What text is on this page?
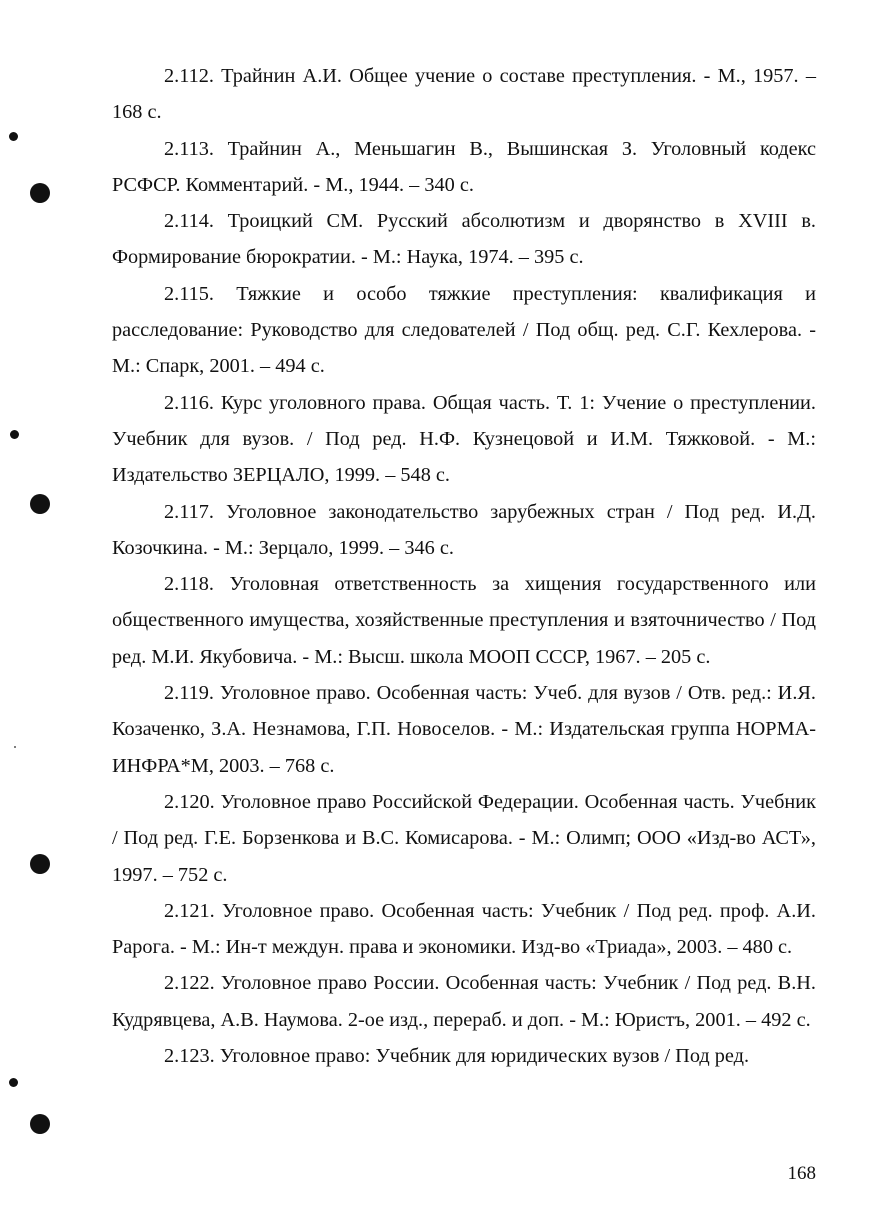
2.112. Трайнин А.И. Общее учение о составе преступления. - М., 1957. – 168 с.

2.113. Трайнин А., Меньшагин В., Вышинская З. Уголовный кодекс РСФСР. Комментарий. - М., 1944. – 340 с.

2.114. Троицкий СМ. Русский абсолютизм и дворянство в XVIII в. Формирование бюрократии. - М.: Наука, 1974. – 395 с.

2.115. Тяжкие и особо тяжкие преступления: квалификация и расследование: Руководство для следователей / Под общ. ред. С.Г. Кехлерова. - М.: Спарк, 2001. – 494 с.

2.116. Курс уголовного права. Общая часть. Т. 1: Учение о преступлении. Учебник для вузов. / Под ред. Н.Ф. Кузнецовой и И.М. Тяжковой. - М.: Издательство ЗЕРЦАЛО, 1999. – 548 с.

2.117. Уголовное законодательство зарубежных стран / Под ред. И.Д. Козочкина. - М.: Зерцало, 1999. – 346 с.

2.118. Уголовная ответственность за хищения государственного или общественного имущества, хозяйственные преступления и взяточничество / Под ред. М.И. Якубовича. - М.: Высш. школа МООП СССР, 1967. – 205 с.

2.119. Уголовное право. Особенная часть: Учеб. для вузов / Отв. ред.: И.Я. Козаченко, З.А. Незнамова, Г.П. Новоселов. - М.: Издательская группа НОРМА- ИНФРА*М, 2003. – 768 с.

2.120. Уголовное право Российской Федерации. Особенная часть. Учебник / Под ред. Г.Е. Борзенкова и В.С. Комисарова. - М.: Олимп; ООО «Изд-во АСТ», 1997. – 752 с.

2.121. Уголовное право. Особенная часть: Учебник / Под ред. проф. А.И. Рарога. - М.: Ин-т междун. права и экономики. Изд-во «Триада», 2003. – 480 с.

2.122. Уголовное право России. Особенная часть: Учебник / Под ред. В.Н. Кудрявцева, А.В. Наумова. 2-ое изд., перераб. и доп. - М.: Юристъ, 2001. – 492 с.

2.123. Уголовное право: Учебник для юридических вузов / Под ред.

168
